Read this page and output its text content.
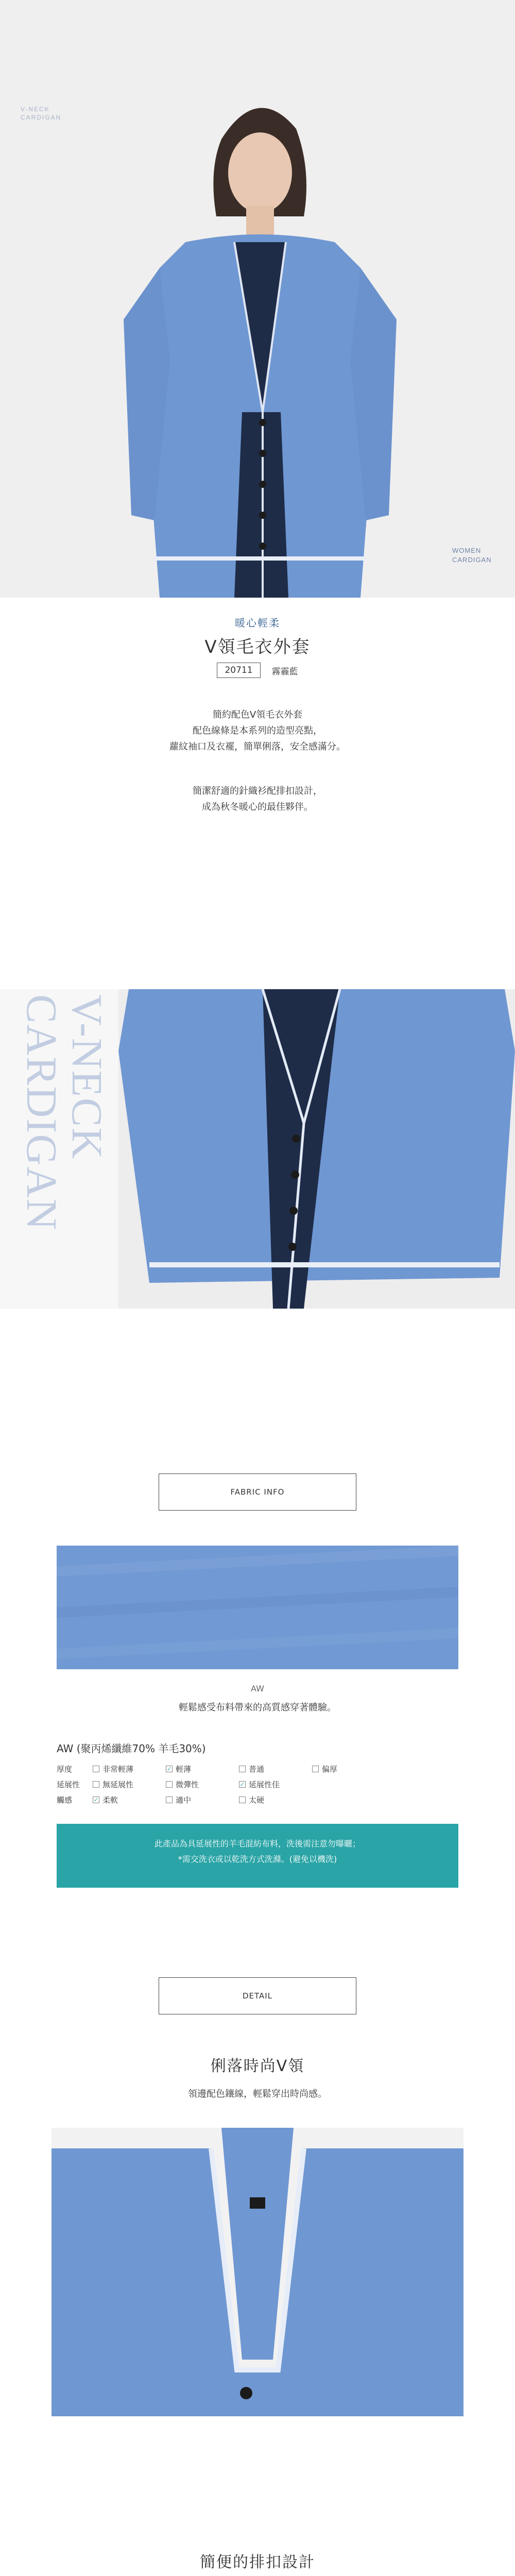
V-NECK
CARDIGAN
WOMEN
CARDIGAN
暖心輕柔
V領毛衣外套
20711	霧霾藍
簡約配色V領毛衣外套
配色線條是本系列的造型亮點，
蘿紋袖口及衣襬，簡單俐落，安全感滿分。
簡潔舒適的針織衫配排扣設計，
成為秋冬暖心的最佳夥伴。
V-NECK
CARDIGAN
FABRIC INFO
AW
輕鬆感受布料帶來的高質感穿著體驗。
AW (聚丙烯纖維70% 羊毛30%)
厚度	非常輕薄	✓ 輕薄	普通	偏厚
延展性	無延展性	微彈性	✓ 延展性佳
觸感	✓ 柔軟	適中	太硬
此產品為具延展性的羊毛混紡布料，洗後需注意勿曝曬；
*需交洗衣或以乾洗方式洗滌。(避免以機洗)
DETAIL
俐落時尚V領
領邊配色鑲線，輕鬆穿出時尚感。
簡便的排扣設計
